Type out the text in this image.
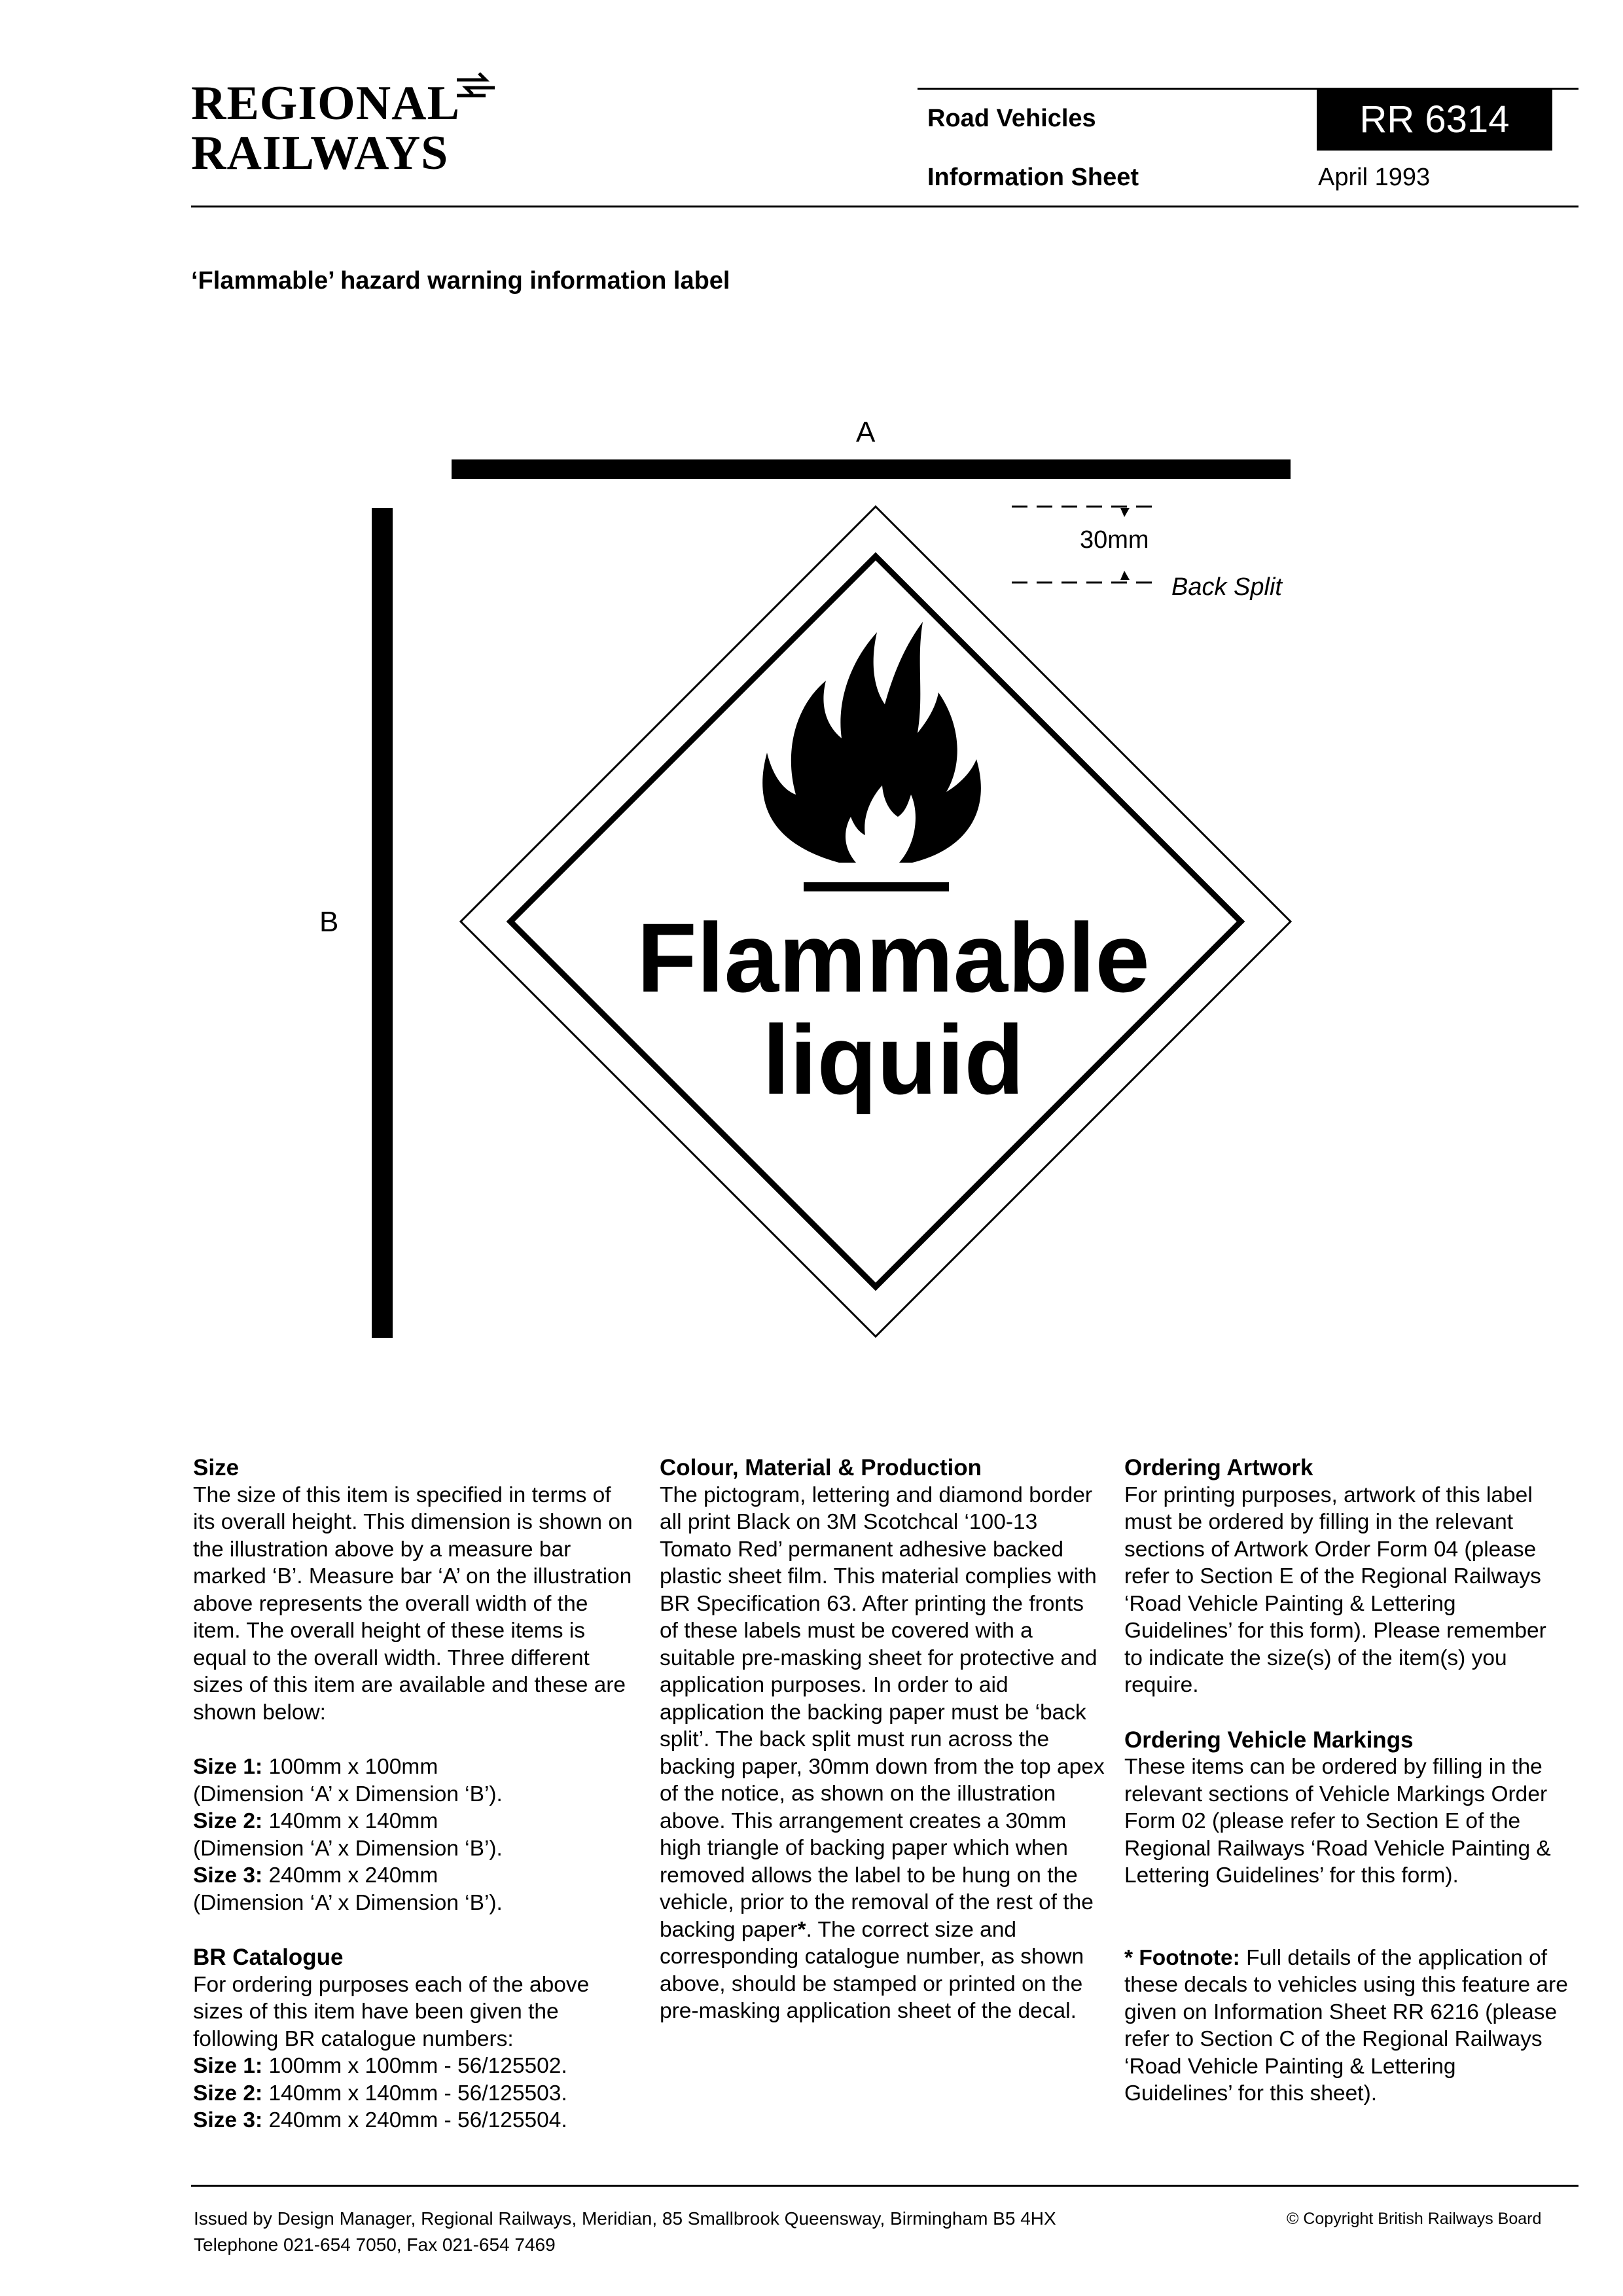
REGIONAL
RAILWAYS
Road Vehicles	RR 6314
Information Sheet	April 1993
‘Flammable’ hazard warning information label
A
B
30mm
Back Split
Flammable
liquid
Size

The size of this item is specified in terms of its overall height. This dimension is shown on the illustration above by a measure bar marked ‘B’. Measure bar ‘A’ on the illustration above represents the overall width of the item. The overall height of these items is equal to the overall width. Three different sizes of this item are available and these are shown below:

Size 1: 100mm x 100mm

(Dimension ‘A’ x Dimension ‘B’).

Size 2: 140mm x 140mm

(Dimension ‘A’ x Dimension ‘B’).

Size 3: 240mm x 240mm

(Dimension ‘A’ x Dimension ‘B’).

BR Catalogue

For ordering purposes each of the above sizes of this item have been given the following BR catalogue numbers:

Size 1: 100mm x 100mm - 56/125502.

Size 2: 140mm x 140mm - 56/125503.

Size 3: 240mm x 240mm - 56/125504.

Colour, Material & Production

The pictogram, lettering and diamond border all print Black on 3M Scotchcal ‘100-13 Tomato Red’ permanent adhesive backed plastic sheet film. This material complies with BR Specification 63. After printing the fronts of these labels must be covered with a suitable pre-masking sheet for protective and application purposes. In order to aid application the backing paper must be ‘back split’. The back split must run across the backing paper, 30mm down from the top apex of the notice, as shown on the illustration above. This arrangement creates a 30mm high triangle of backing paper which when removed allows the label to be hung on the vehicle, prior to the removal of the rest of the backing paper*. The correct size and corresponding catalogue number, as shown above, should be stamped or printed on the pre-masking application sheet of the decal.

Ordering Artwork

For printing purposes, artwork of this label must be ordered by filling in the relevant sections of Artwork Order Form 04 (please refer to Section E of the Regional Railways ‘Road Vehicle Painting & Lettering Guidelines’ for this form). Please remember to indicate the size(s) of the item(s) you require.

Ordering Vehicle Markings

These items can be ordered by filling in the relevant sections of Vehicle Markings Order Form 02 (please refer to Section E of the Regional Railways ‘Road Vehicle Painting & Lettering Guidelines’ for this form).

* Footnote: Full details of the application of these decals to vehicles using this feature are given on Information Sheet RR 6216 (please refer to Section C of the Regional Railways ‘Road Vehicle Painting & Lettering Guidelines’ for this sheet).

Issued by Design Manager, Regional Railways, Meridian, 85 Smallbrook Queensway, Birmingham B5 4HX
Telephone 021-654 7050, Fax 021-654 7469
© Copyright British Railways Board
